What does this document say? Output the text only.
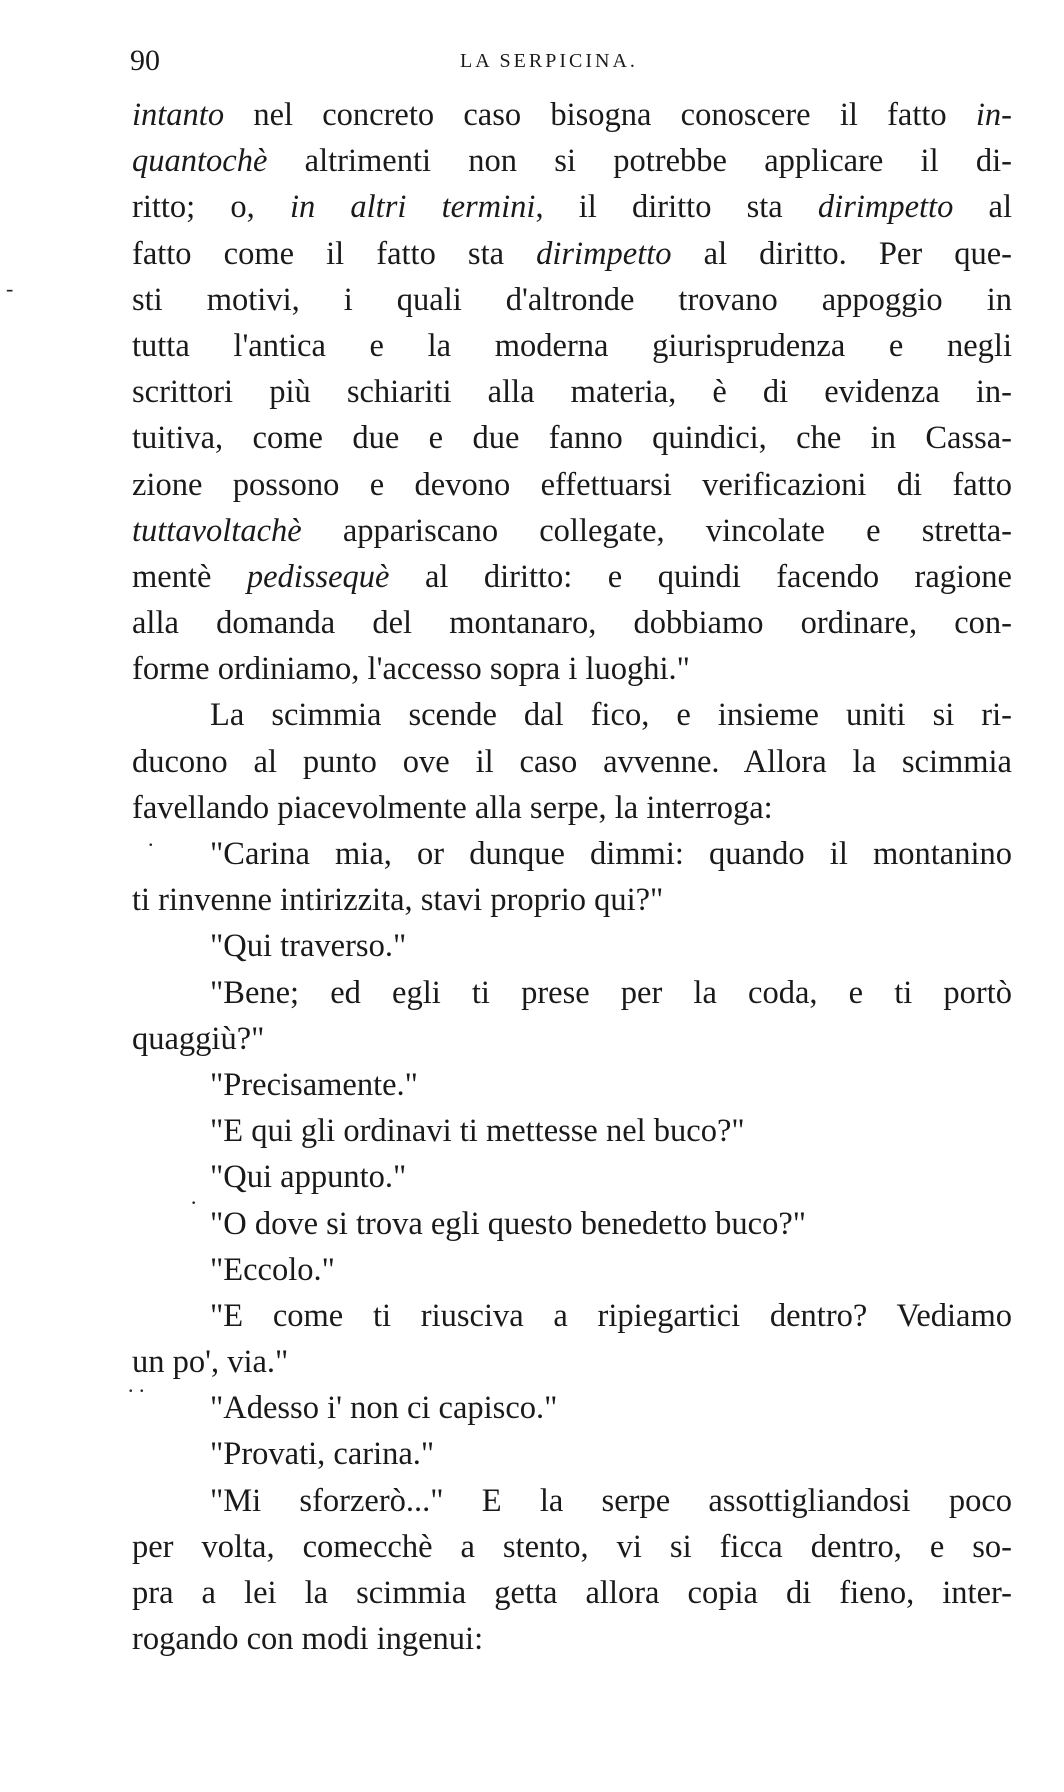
90	LA SERPICINA.
intanto nel concreto caso bisogna conoscere il fatto in-
quantochè altrimenti non si potrebbe applicare il di-
ritto; o, in altri termini, il diritto sta dirimpetto al
fatto come il fatto sta dirimpetto al diritto. Per que-
sti motivi, i quali d'altronde trovano appoggio in
tutta l'antica e la moderna giurisprudenza e negli
scrittori più schiariti alla materia, è di evidenza in-
tuitiva, come due e due fanno quindici, che in Cassa-
zione possono e devono effettuarsi verificazioni di fatto
tuttavoltachè appariscano collegate, vincolate e stretta-
mentè pedissequè al diritto: e quindi facendo ragione
alla domanda del montanaro, dobbiamo ordinare, con-
forme ordiniamo, l'accesso sopra i luoghi."
La scimmia scende dal fico, e insieme uniti si ri-
ducono al punto ove il caso avvenne. Allora la scimmia
favellando piacevolmente alla serpe, la interroga:
"Carina mia, or dunque dimmi: quando il montanino
ti rinvenne intirizzita, stavi proprio qui?"
"Qui traverso."
"Bene; ed egli ti prese per la coda, e ti portò
quaggiù?"
"Precisamente."
"E qui gli ordinavi ti mettesse nel buco?"
"Qui appunto."
"O dove si trova egli questo benedetto buco?"
"Eccolo."
"E come ti riusciva a ripiegartici dentro? Vediamo
un po', via."
"Adesso i' non ci capisco."
"Provati, carina."
"Mi sforzerò..." E la serpe assottigliandosi poco
per volta, comecchè a stento, vi si ficca dentro, e so-
pra a lei la scimmia getta allora copia di fieno, inter-
rogando con modi ingenui:
-
.
·
. .
